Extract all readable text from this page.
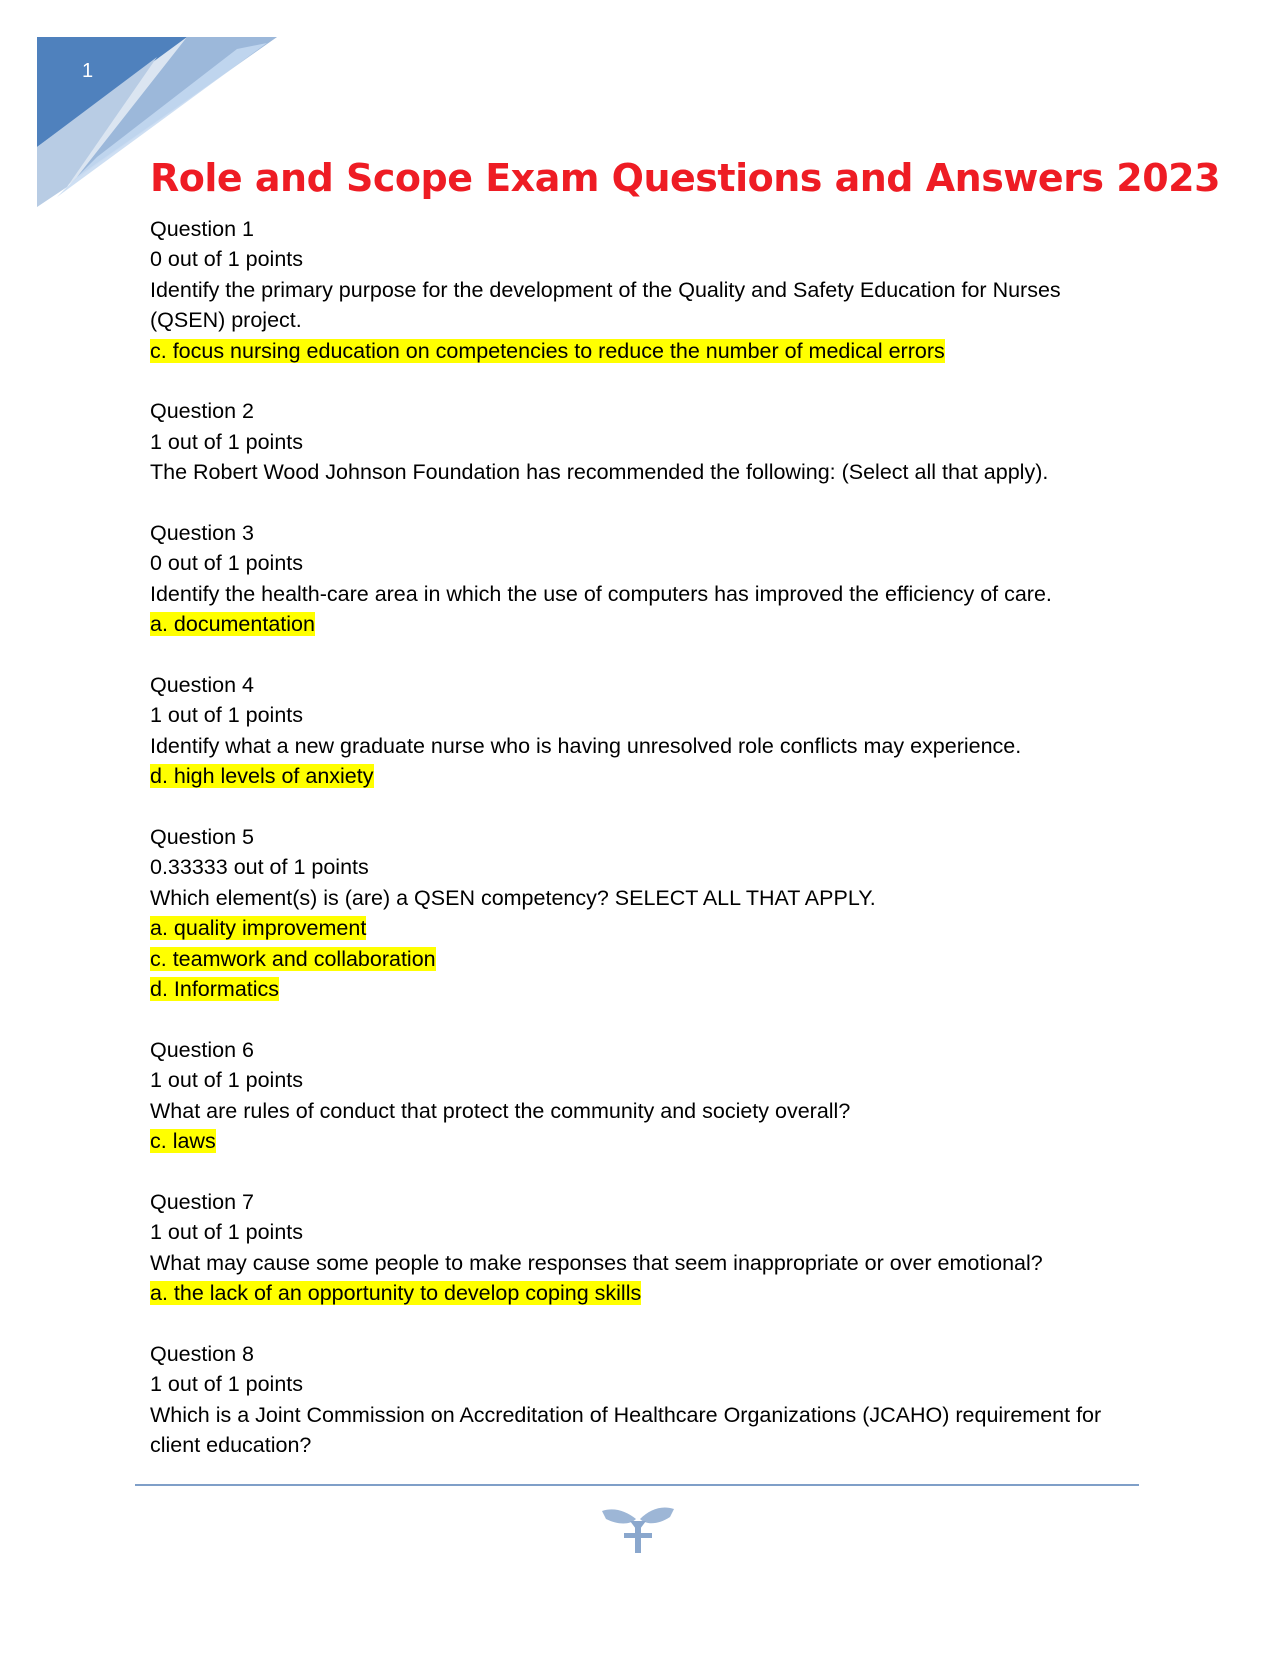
1
Role and Scope Exam Questions and Answers 2023

Question 1

0 out of 1 points

Identify the primary purpose for the development of the Quality and Safety Education for Nurses (QSEN) project.

c. focus nursing education on competencies to reduce the number of medical errors

Question 2

1 out of 1 points

The Robert Wood Johnson Foundation has recommended the following: (Select all that apply).

Question 3

0 out of 1 points

Identify the health-care area in which the use of computers has improved the efficiency of care.

a. documentation

Question 4

1 out of 1 points

Identify what a new graduate nurse who is having unresolved role conflicts may experience.

d. high levels of anxiety

Question 5

0.33333 out of 1 points

Which element(s) is (are) a QSEN competency? SELECT ALL THAT APPLY.

a. quality improvement
c. teamwork and collaboration
d. Informatics

Question 6

1 out of 1 points

What are rules of conduct that protect the community and society overall?

c. laws

Question 7

1 out of 1 points

What may cause some people to make responses that seem inappropriate or over emotional?

a. the lack of an opportunity to develop coping skills

Question 8

1 out of 1 points

Which is a Joint Commission on Accreditation of Healthcare Organizations (JCAHO) requirement for client education?
